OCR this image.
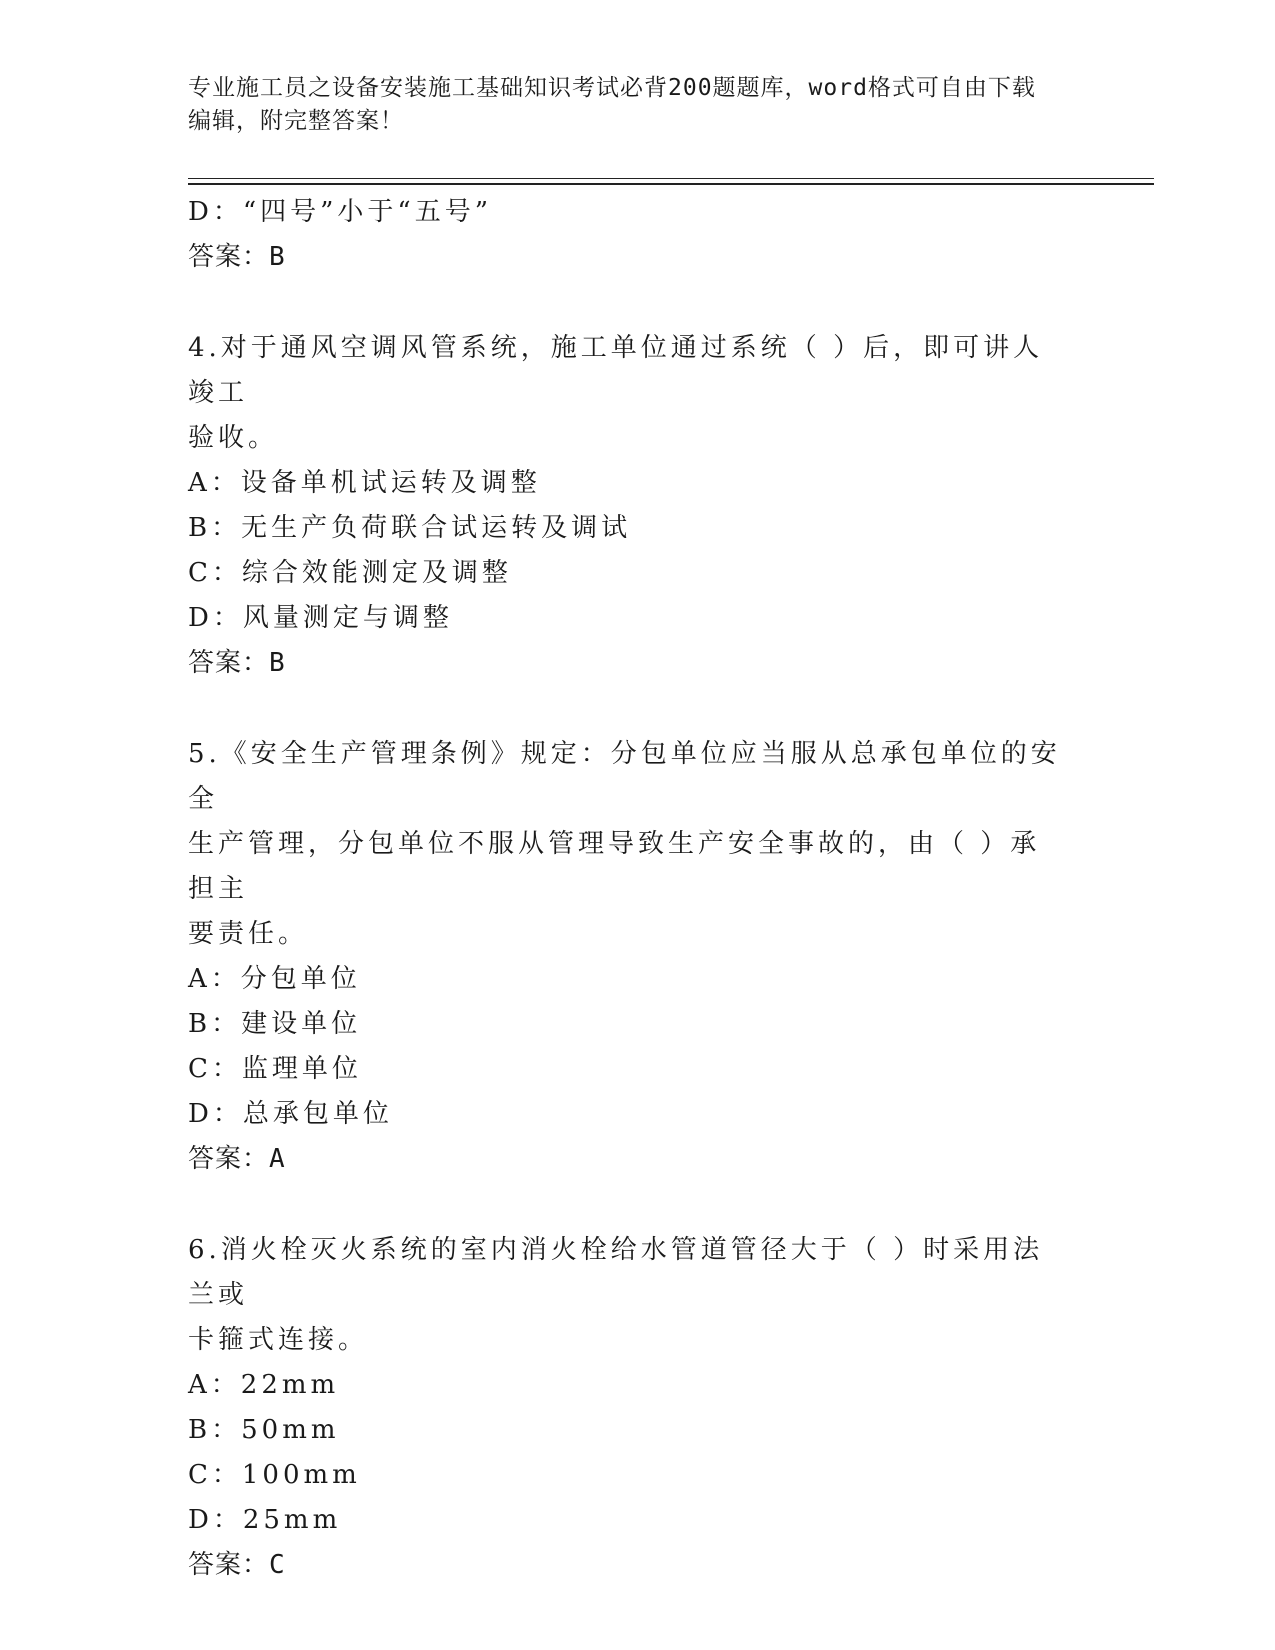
专业施工员之设备安装施工基础知识考试必背200题题库，word格式可自由下载
编辑，附完整答案！
D：“四号”小于“五号”
答案：B
4.对于通风空调风管系统，施工单位通过系统（ ）后，即可讲人竣工
验收。
A：设备单机试运转及调整
B：无生产负荷联合试运转及调试
C：综合效能测定及调整
D：风量测定与调整
答案：B
5.《安全生产管理条例》规定：分包单位应当服从总承包单位的安全
生产管理，分包单位不服从管理导致生产安全事故的，由（ ）承担主
要责任。
A：分包单位
B：建设单位
C：监理单位
D：总承包单位
答案：A
6.消火栓灭火系统的室内消火栓给水管道管径大于（ ）时采用法兰或
卡箍式连接。
A：22mm
B：50mm
C：100mm
D：25mm
答案：C
